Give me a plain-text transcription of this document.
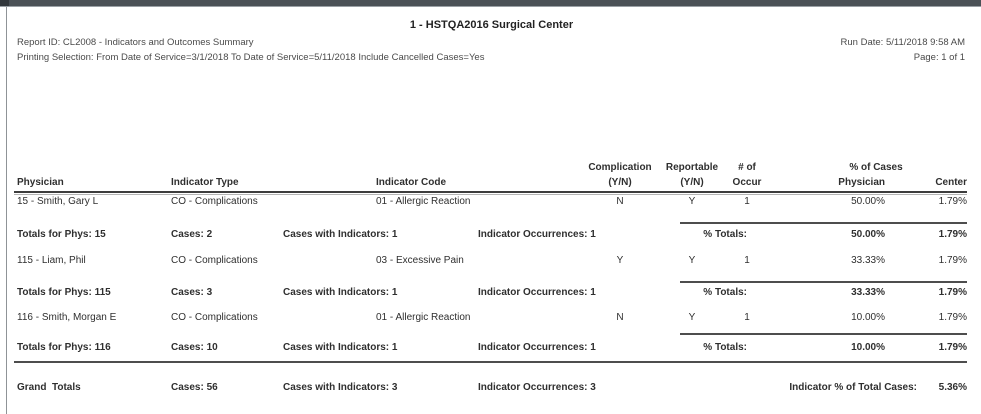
1 - HSTQA2016 Surgical Center
Report ID: CL2008 - Indicators and Outcomes Summary
Printing Selection: From Date of Service=3/1/2018 To Date of Service=5/11/2018 Include Cancelled Cases=Yes
Run Date: 5/11/2018 9:58 AM
Page: 1 of 1
Complication	Reportable	# of	% of Cases
Physician	Indicator Type	Indicator Code	(Y/N)	(Y/N)	Occur	Physician	Center
15 - Smith, Gary L	CO - Complications	01 - Allergic Reaction	N	Y	1	50.00%	1.79%
Totals for Phys: 15	Cases: 2	Cases with Indicators: 1	Indicator Occurrences: 1	% Totals:	50.00%	1.79%
115 - Liam, Phil	CO - Complications	03 - Excessive Pain	Y	Y	1	33.33%	1.79%
Totals for Phys: 115	Cases: 3	Cases with Indicators: 1	Indicator Occurrences: 1	% Totals:	33.33%	1.79%
116 - Smith, Morgan E	CO - Complications	01 - Allergic Reaction	N	Y	1	10.00%	1.79%
Totals for Phys: 116	Cases: 10	Cases with Indicators: 1	Indicator Occurrences: 1	% Totals:	10.00%	1.79%
Grand  Totals	Cases: 56	Cases with Indicators: 3	Indicator Occurrences: 3	Indicator % of Total Cases:	5.36%
